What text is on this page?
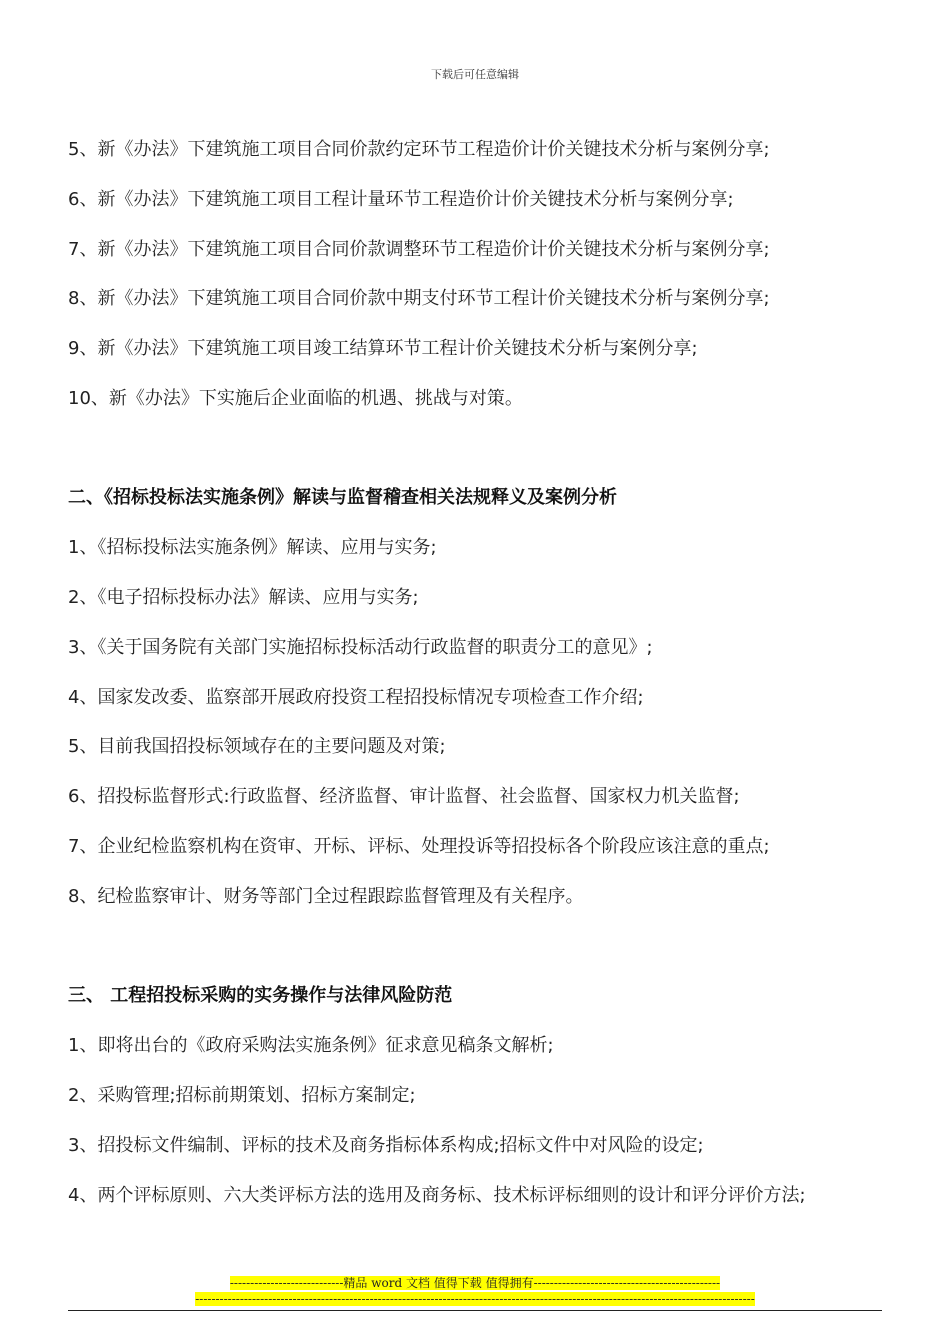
下载后可任意编辑
5、新《办法》下建筑施工项目合同价款约定环节工程造价计价关键技术分析与案例分享;
6、新《办法》下建筑施工项目工程计量环节工程造价计价关键技术分析与案例分享;
7、新《办法》下建筑施工项目合同价款调整环节工程造价计价关键技术分析与案例分享;
8、新《办法》下建筑施工项目合同价款中期支付环节工程计价关键技术分析与案例分享;
9、新《办法》下建筑施工项目竣工结算环节工程计价关键技术分析与案例分享;
10、新《办法》下实施后企业面临的机遇、挑战与对策。
二、《招标投标法实施条例》解读与监督稽查相关法规释义及案例分析
1、《招标投标法实施条例》解读、应用与实务;
2、《电子招标投标办法》解读、应用与实务;
3、《关于国务院有关部门实施招标投标活动行政监督的职责分工的意见》;
4、国家发改委、监察部开展政府投资工程招投标情况专项检查工作介绍;
5、目前我国招投标领域存在的主要问题及对策;
6、招投标监督形式:行政监督、经济监督、审计监督、社会监督、国家权力机关监督;
7、企业纪检监察机构在资审、开标、评标、处理投诉等招投标各个阶段应该注意的重点;
8、纪检监察审计、财务等部门全过程跟踪监督管理及有关程序。
三、 工程招投标采购的实务操作与法律风险防范
1、即将出台的《政府采购法实施条例》征求意见稿条文解析;
2、采购管理;招标前期策划、招标方案制定;
3、招投标文件编制、评标的技术及商务指标体系构成;招标文件中对风险的设定;
4、两个评标原则、六大类评标方法的选用及商务标、技术标评标细则的设计和评分评价方法;
----------------------------精品 word 文档 值得下载 值得拥有----------------------------------------------
------------------------------------------------------------------------------------------------------------------------------------------
